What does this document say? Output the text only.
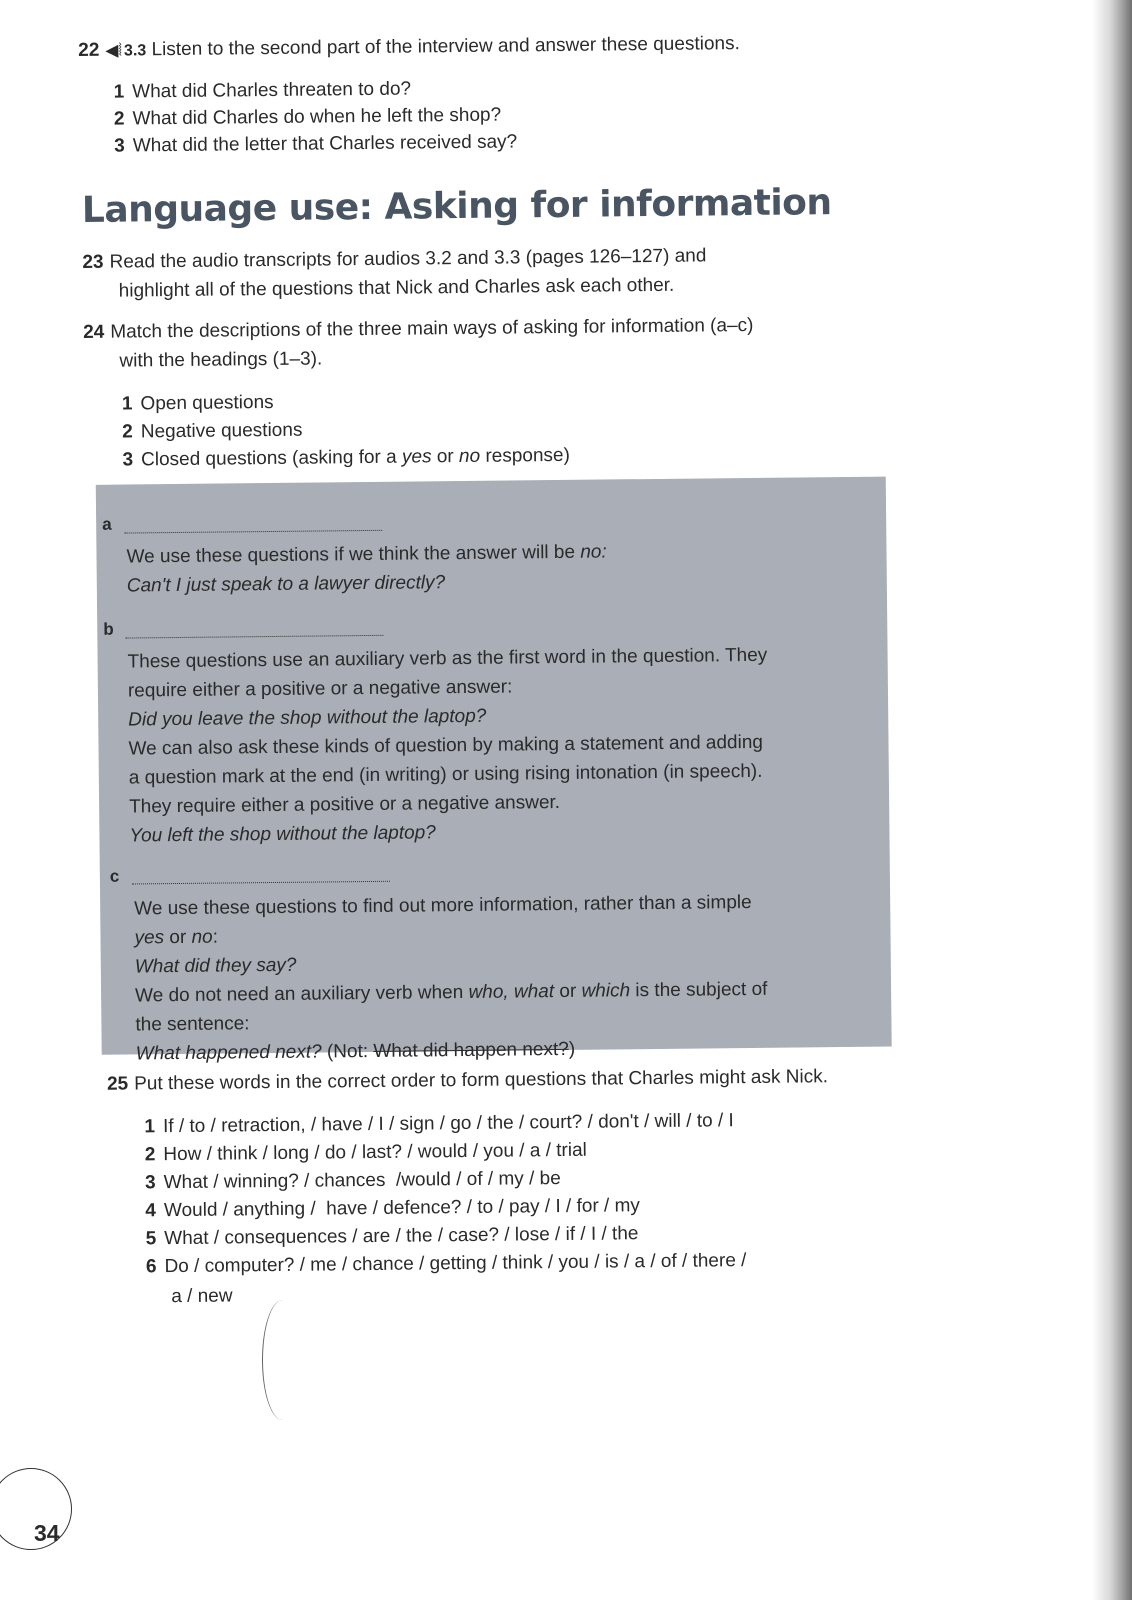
22 ◀⦚ 3.3 Listen to the second part of the interview and answer these questions.
1 What did Charles threaten to do?
2 What did Charles do when he left the shop?
3 What did the letter that Charles received say?
Language use: Asking for information
23 Read the audio transcripts for audios 3.2 and 3.3 (pages 126–127) and
highlight all of the questions that Nick and Charles ask each other.
24 Match the descriptions of the three main ways of asking for information (a–c)
with the headings (1–3).
1 Open questions
2 Negative questions
3 Closed questions (asking for a yes or no response)
a
We use these questions if we think the answer will be no:
Can't I just speak to a lawyer directly?
b
These questions use an auxiliary verb as the first word in the question. They
require either a positive or a negative answer:
Did you leave the shop without the laptop?
We can also ask these kinds of question by making a statement and adding
a question mark at the end (in writing) or using rising intonation (in speech).
They require either a positive or a negative answer.
You left the shop without the laptop?
c
We use these questions to find out more information, rather than a simple
yes or no:
What did they say?
We do not need an auxiliary verb when who, what or which is the subject of
the sentence:
What happened next? (Not: What did happen next?)
25 Put these words in the correct order to form questions that Charles might ask Nick.
1 If / to / retraction, / have / I / sign / go / the / court? / don't / will / to / I
2 How / think / long / do / last? / would / you / a / trial
3 What / winning? / chances  /would / of / my / be
4 Would / anything /  have / defence? / to / pay / I / for / my
5 What / consequences / are / the / case? / lose / if / I / the
6 Do / computer? / me / chance / getting / think / you / is / a / of / there /
a / new
34
